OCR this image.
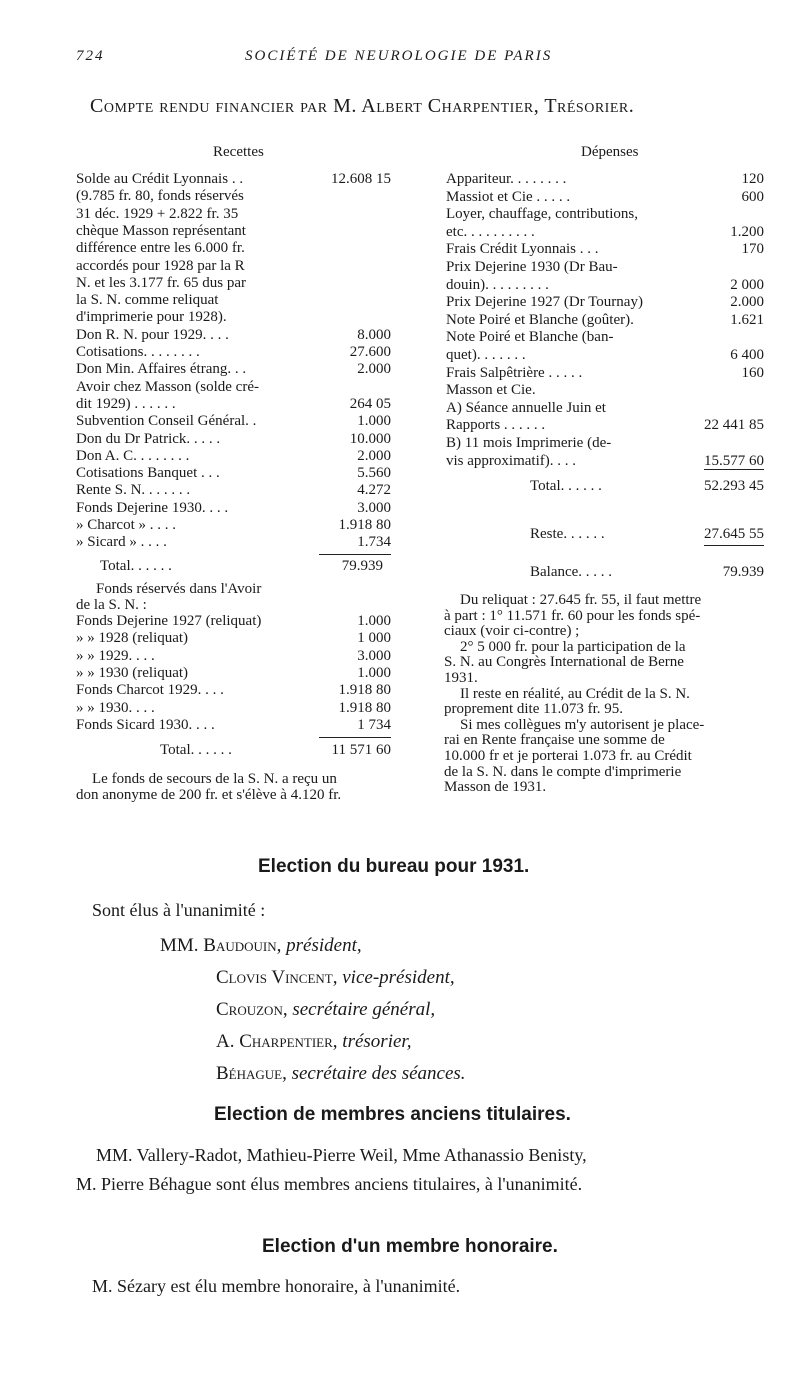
724	SOCIÉTÉ DE NEUROLOGIE DE PARIS
Compte rendu financier par M. Albert Charpentier, Trésorier.
Recettes
Solde au Crédit Lyonnais . .	12.608 15
(9.785 fr. 80, fonds réservés
31 déc. 1929 + 2.822 fr. 35
chèque Masson représentant
différence entre les 6.000 fr.
accordés pour 1928 par la R
N. et les 3.177 fr. 65 dus par
la S. N. comme reliquat
d'imprimerie pour 1928).
Don R. N. pour 1929. . . .	8.000
Cotisations. . . . . . . .	27.600
Don Min. Affaires étrang. . .	2.000
Avoir chez Masson (solde cré-
dit 1929) . . . . . .	264 05
Subvention Conseil Général. .	1.000
Don du Dr Patrick. . . . .	10.000
Don A. C. . . . . . . .	2.000
Cotisations Banquet . . .	5.560
Rente S. N. . . . . . .	4.272
Fonds Dejerine 1930. . . .	3.000
» Charcot » . . . .	1.918 80
» Sicard » . . . .	1.734
Total. . . . . .	79.939
Dépenses
Appariteur. . . . . . . .	120
Massiot et Cie . . . . .	600
Loyer, chauffage, contributions,
etc. . . . . . . . . .	1.200
Frais Crédit Lyonnais . . .	170
Prix Dejerine 1930 (Dr Bau-
douin). . . . . . . . .	2 000
Prix Dejerine 1927 (Dr Tournay)	2.000
Note Poiré et Blanche (goûter).	1.621
Note Poiré et Blanche (ban-
quet). . . . . . .	6 400
Frais Salpêtrière . . . . .	160
Masson et Cie.
A) Séance annuelle Juin et
Rapports . . . . . .	22 441 85
B) 11 mois Imprimerie (de-
vis approximatif). . . .	15.577 60
Total. . . . . .	52.293 45
Reste. . . . . .	27.645 55
Balance. . . . .	79.939
Fonds réservés dans l'Avoir
de la S. N. :
Fonds Dejerine 1927 (reliquat)	1.000
» » 1928 (reliquat)	1 000
» » 1929. . . .	3.000
» » 1930 (reliquat)	1.000
Fonds Charcot 1929. . . .	1.918 80
» » 1930. . . .	1.918 80
Fonds Sicard 1930. . . .	1 734
Total. . . . . .	11 571 60
Le fonds de secours de la S. N. a reçu un
don anonyme de 200 fr. et s'élève à 4.120 fr.
Du reliquat : 27.645 fr. 55, il faut mettre
à part : 1° 11.571 fr. 60 pour les fonds spé-
ciaux (voir ci-contre) ;
2° 5 000 fr. pour la participation de la
S. N. au Congrès International de Berne
1931.
Il reste en réalité, au Crédit de la S. N.
proprement dite 11.073 fr. 95.
Si mes collègues m'y autorisent je place-
rai en Rente française une somme de
10.000 fr et je porterai 1.073 fr. au Crédit
de la S. N. dans le compte d'imprimerie
Masson de 1931.
Election du bureau pour 1931.
Sont élus à l'unanimité :
MM. Baudouin, président,
Clovis Vincent, vice-président,
Crouzon, secrétaire général,
A. Charpentier, trésorier,
Béhague, secrétaire des séances.
Election de membres anciens titulaires.
MM. Vallery-Radot, Mathieu-Pierre Weil, Mme Athanassio Benisty,
M. Pierre Béhague sont élus membres anciens titulaires, à l'unanimité.
Election d'un membre honoraire.
M. Sézary est élu membre honoraire, à l'unanimité.
